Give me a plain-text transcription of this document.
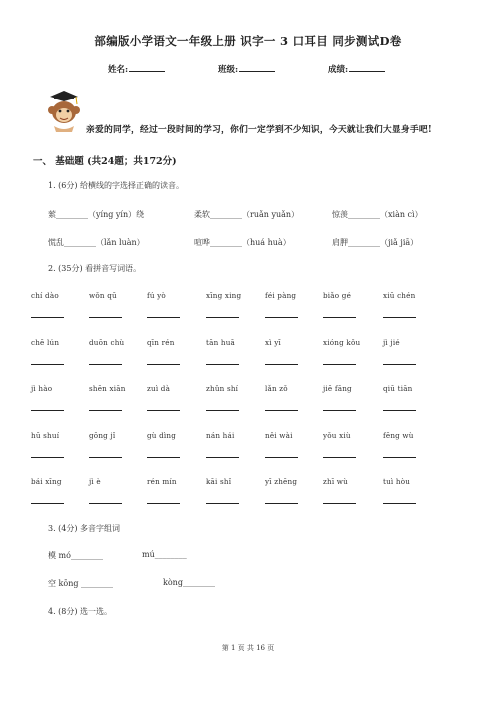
部编版小学语文一年级上册 识字一 3 口耳目 同步测试D卷
姓名:	班级:	成绩:
亲爱的同学，经过一段时间的学习，你们一定学到不少知识，今天就让我们大显身手吧!
一、 基础题 (共24题；共172分)
1. (6分) 给横线的字选择正确的读音。
萦________（yíng yín）绕	柔软________（ruǎn yuǎn）	惊羡________（xiàn cì）
慌乱________（lǎn luàn）	喧哗________（huá huà）	肩胛________（jiǎ jiā）
2. (35分) 看拼音写词语。
chí dào	wǒn qū	fú yò	xīng xing	féi pàng	biǎo gé	xiū chén
chē lún	duōn chù	qīn rén	tān huā	xì yī	xióng kǒu	jì jié
jì hào	shēn xiān	zuì dà	zhǔn shí	lǎn zǒ	jiē fāng	qiū tiān
hū shuí	gōng jǐ	gù dìng	nán hái	něi wài	yǒu xiù	fēng wù
bái xīng	jì è	rén mín	kāi shǐ	yī zhēng	zhī wù	tuì hòu
3. (4分) 多音字组词
模 mó________	mú________
空 kōng ________	kòng________
4. (8分) 选一选。
第 1 页 共 16 页
